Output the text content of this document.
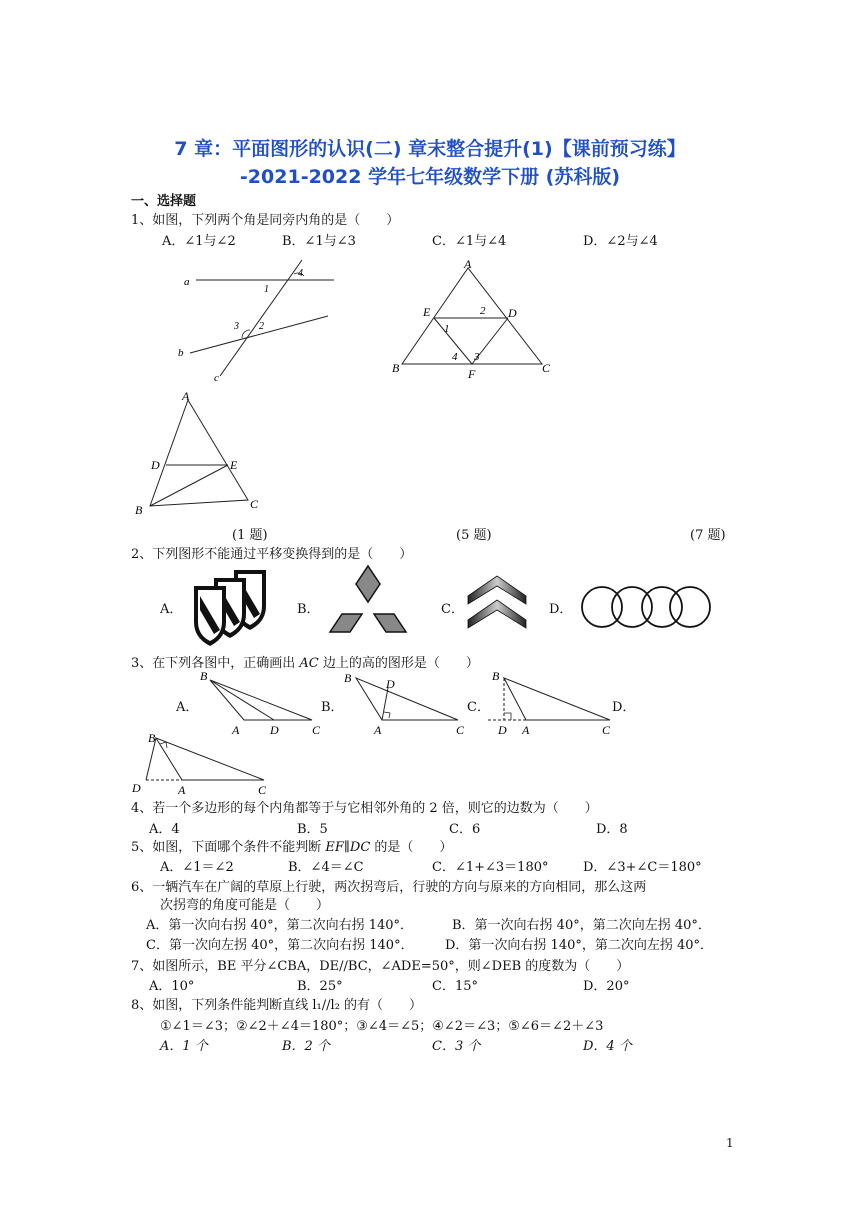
7 章：平面图形的认识(二) 章末整合提升(1)【课前预习练】
-2021-2022 学年七年级数学下册 (苏科版)
一、选择题
1、如图，下列两个角是同旁内角的是（　　）
A．∠1与∠2	B．∠1与∠3	C．∠1与∠4	D．∠2与∠4
a
b
c
1
2
3
4
A
B	C
D
E
F
1
2
3
4
A
B	C
D	E
(1 题)	(5 题)	(7 题)
2、下列图形不能通过平移变换得到的是（　　）
A．	B．	C．	D．
3、在下列各图中，正确画出 AC 边上的高的图形是（　　）
A．	B．	C．	D．
B
A	D	C
B	D
A	C
B
D A	C
B
D	A	C
4、若一个多边形的每个内角都等于与它相邻外角的 2 倍，则它的边数为（　　）
A．4	B．5	C．6	D．8
5、如图，下面哪个条件不能判断 EF∥DC 的是（　　）
A．∠1＝∠2	B．∠4＝∠C	C．∠1+∠3＝180°	D．∠3+∠C＝180°
6、一辆汽车在广阔的草原上行驶，两次拐弯后，行驶的方向与原来的方向相同，那么这两
次拐弯的角度可能是（　　）
A．第一次向右拐 40°，第二次向右拐 140°．	B．第一次向右拐 40°，第二次向左拐 40°．
C．第一次向左拐 40°，第二次向右拐 140°． D．第一次向右拐 140°，第二次向左拐 40°．
7、如图所示，BE 平分∠CBA，DE//BC，∠ADE=50°，则∠DEB 的度数为（　　）
A．10°	B．25°	C．15°	D．20°
8、如图，下列条件能判断直线 l₁//l₂ 的有（　　）
①∠1＝∠3；②∠2＋∠4＝180°；③∠4＝∠5；④∠2＝∠3；⑤∠6＝∠2＋∠3
A．1 个	B．2 个	C．3 个	D．4 个
1
